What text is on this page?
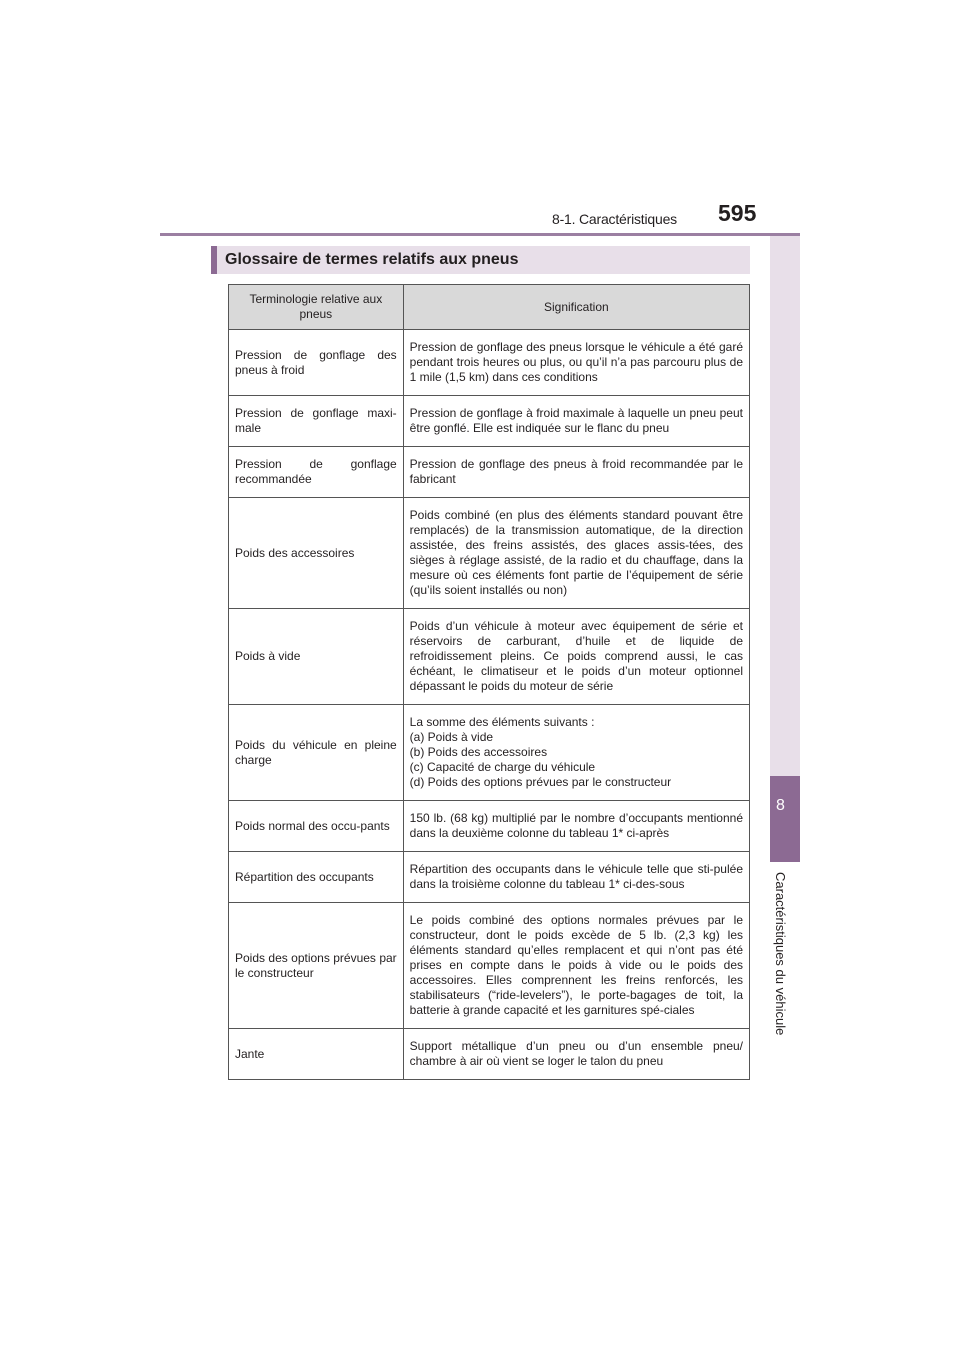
8-1. Caractéristiques 595
8
Caractéristiques du véhicule
Glossaire de termes relatifs aux pneus
Terminologie relative aux pneus	Signification
Pression de gonflage des pneus à froid	Pression de gonflage des pneus lorsque le véhicule a été garé pendant trois heures ou plus, ou qu’il n’a pas parcouru plus de 1 mile (1,5 km) dans ces conditions
Pression de gonflage maxi-male	Pression de gonflage à froid maximale à laquelle un pneu peut être gonflé. Elle est indiquée sur le flanc du pneu
Pression de gonflage recommandée	Pression de gonflage des pneus à froid recommandée par le fabricant
Poids des accessoires	Poids combiné (en plus des éléments standard pouvant être remplacés) de la transmission automatique, de la direction assistée, des freins assistés, des glaces assis-tées, des sièges à réglage assisté, de la radio et du chauffage, dans la mesure où ces éléments font partie de l’équipement de série (qu’ils soient installés ou non)
Poids à vide	Poids d’un véhicule à moteur avec équipement de série et réservoirs de carburant, d’huile et de liquide de refroidissement pleins. Ce poids comprend aussi, le cas échéant, le climatiseur et le poids d’un moteur optionnel dépassant le poids du moteur de série
Poids du véhicule en pleine charge	La somme des éléments suivants :
(a) Poids à vide
(b) Poids des accessoires
(c) Capacité de charge du véhicule
(d) Poids des options prévues par le constructeur
Poids normal des occu-pants	150 lb. (68 kg) multiplié par le nombre d’occupants mentionné dans la deuxième colonne du tableau 1* ci-après
Répartition des occupants	Répartition des occupants dans le véhicule telle que sti-pulée dans la troisième colonne du tableau 1* ci-des-sous
Poids des options prévues par le constructeur	Le poids combiné des options normales prévues par le constructeur, dont le poids excède de 5 lb. (2,3 kg) les éléments standard qu’elles remplacent et qui n’ont pas été prises en compte dans le poids à vide ou le poids des accessoires. Elles comprennent les freins renforcés, les stabilisateurs (“ride-levelers”), le porte-bagages de toit, la batterie à grande capacité et les garnitures spé-ciales
Jante	Support métallique d’un pneu ou d’un ensemble pneu/ chambre à air où vient se loger le talon du pneu
